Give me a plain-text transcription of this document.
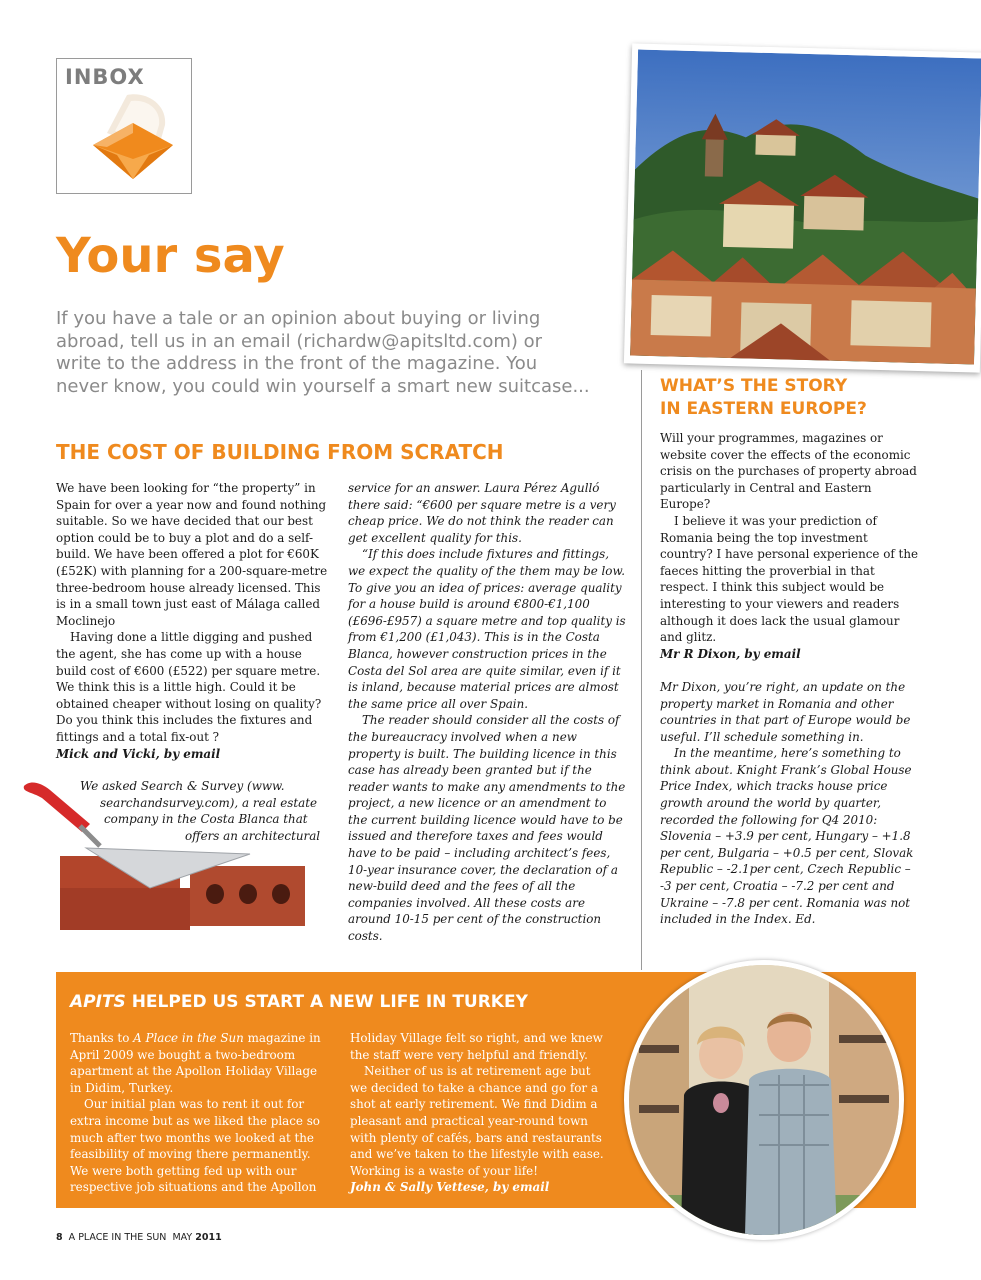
INBOX
Your say
If you have a tale or an opinion about buying or living
abroad, tell us in an email (richardw@apitsltd.com) or
write to the address in the front of the magazine. You
never know, you could win yourself a smart new suitcase...	WHAT’S THE STORY
IN EASTERN EUROPE?
THE COST OF BUILDING FROM SCRATCH

We have been looking for “the property” in Spain for over a year now and found nothing suitable. So we have decided that our best option could be to buy a plot and do a self-build. We have been offered a plot for €60K (£52K) with planning for a 200-square-metre three-bedroom house already licensed. This is in a small town just east of Málaga called Moclinejo

Having done a little digging and pushed the agent, she has come up with a house build cost of €600 (£522) per square metre. We think this is a little high. Could it be obtained cheaper without losing on quality? Do you think this includes the fixtures and fittings and a total fix-out ?

Mick and Vicki, by email

We asked Search & Survey (www.
searchandsurvey.com), a real estate
company in the Costa Blanca that
offers an architectural

service for an answer. Laura Pérez Agulló there said: “€600 per square metre is a very cheap price. We do not think the reader can get excellent quality for this.

“If this does include fixtures and fittings, we expect the quality of the them may be low. To give you an idea of prices: average quality for a house build is around €800-€1,100 (£696-£957) a square metre and top quality is from €1,200 (£1,043). This is in the Costa Blanca, however construction prices in the Costa del Sol area are quite similar, even if it is inland, because material prices are almost the same price all over Spain.

The reader should consider all the costs of the bureaucracy involved when a new property is built. The building licence in this case has already been granted but if the reader wants to make any amendments to the project, a new licence or an amendment to the current building licence would have to be issued and therefore taxes and fees would have to be paid – including architect’s fees, 10-year insurance cover, the declaration of a new-build deed and the fees of all the companies involved. All these costs are around 10-15 per cent of the construction costs.

Will your programmes, magazines or website cover the effects of the economic crisis on the purchases of property abroad particularly in Central and Eastern Europe?

I believe it was your prediction of Romania being the top investment country? I have personal experience of the faeces hitting the proverbial in that respect. I think this subject would be interesting to your viewers and readers although it does lack the usual glamour and glitz.

Mr R Dixon, by email

Mr Dixon, you’re right, an update on the property market in Romania and other countries in that part of Europe would be useful. I’ll schedule something in.

In the meantime, here’s something to think about. Knight Frank’s Global House Price Index, which tracks house price growth around the world by quarter, recorded the following for Q4 2010: Slovenia – +3.9 per cent, Hungary – +1.8 per cent, Bulgaria – +0.5 per cent, Slovak Republic – -2.1per cent, Czech Republic – -3 per cent, Croatia – -7.2 per cent and Ukraine – -7.8 per cent. Romania was not included in the Index. Ed.

APITS HELPED US START A NEW LIFE IN TURKEY

Thanks to A Place in the Sun magazine in April 2009 we bought a two-bedroom apartment at the Apollon Holiday Village in Didim, Turkey.

Our initial plan was to rent it out for extra income but as we liked the place so much after two months we looked at the feasibility of moving there permanently. We were both getting fed up with our respective job situations and the Apollon

Holiday Village felt so right, and we knew the staff were very helpful and friendly.

Neither of us is at retirement age but we decided to take a chance and go for a shot at early retirement. We find Didim a pleasant and practical year-round town with plenty of cafés, bars and restaurants and we’ve taken to the lifestyle with ease. Working is a waste of your life!

John & Sally Vettese, by email

8 A PLACE IN THE SUN MAY 2011
